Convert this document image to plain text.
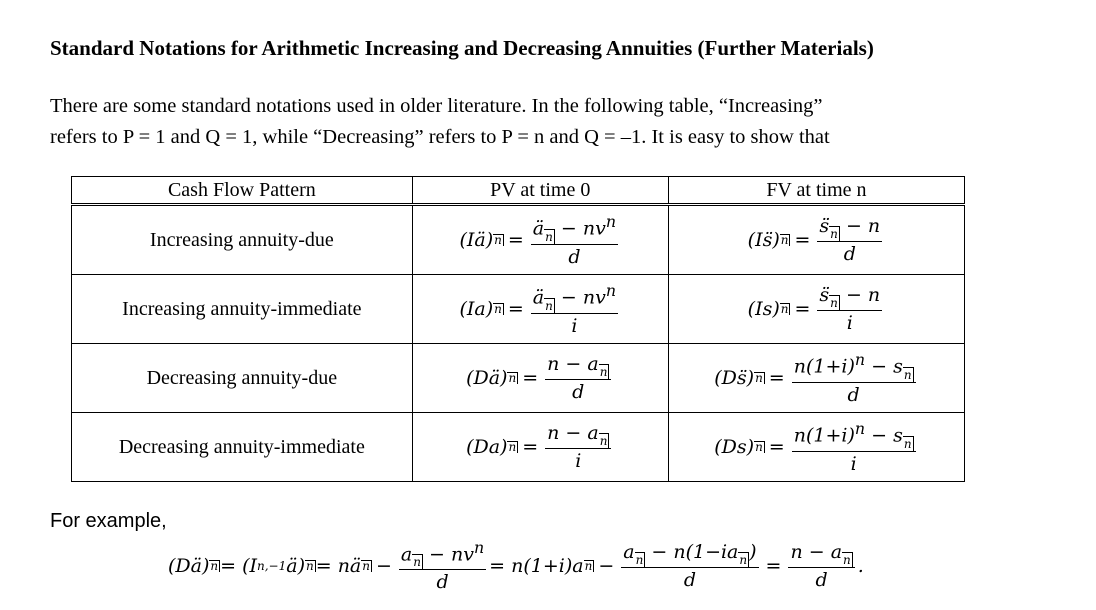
Standard Notations for Arithmetic Increasing and Decreasing Annuities (Further Materials)
There are some standard notations used in older literature. In the following table, “Increasing”
refers to P = 1 and Q = 1, while “Decreasing” refers to P = n and Q = –1. It is easy to show that
Cash Flow Pattern	PV at time 0	FV at time n
Increasing annuity-due	(Iä) $n = \frac{ä_n - nv^n}{d}$	(Is̈) $n = \frac{s̈_n - n}{d}$

Increasing annuity-immediate	(Ia) $n = \frac{ä_n - nv^n}{i}$	(Is) $n = \frac{s̈_n - n}{i}$

Decreasing annuity-due	(Dä) $n = \frac{n - a_n}{d}$	(Ds̈) $n = \frac{n(1+i)^n - s_n}{d}$

Decreasing annuity-immediate	(Da) $n = \frac{n - a_n}{i}$	(Ds) $n = \frac{n(1+i)^n - s_n}{i}$
For example,
(Dä) n = (I n,−1 ä) n = nä $n - \frac{a_n - nv^n}{d} = n(1+i)a$ $n - \frac{a_n - n(1-ia_n )}{d} = \frac{n - a_n}{d}$ .
